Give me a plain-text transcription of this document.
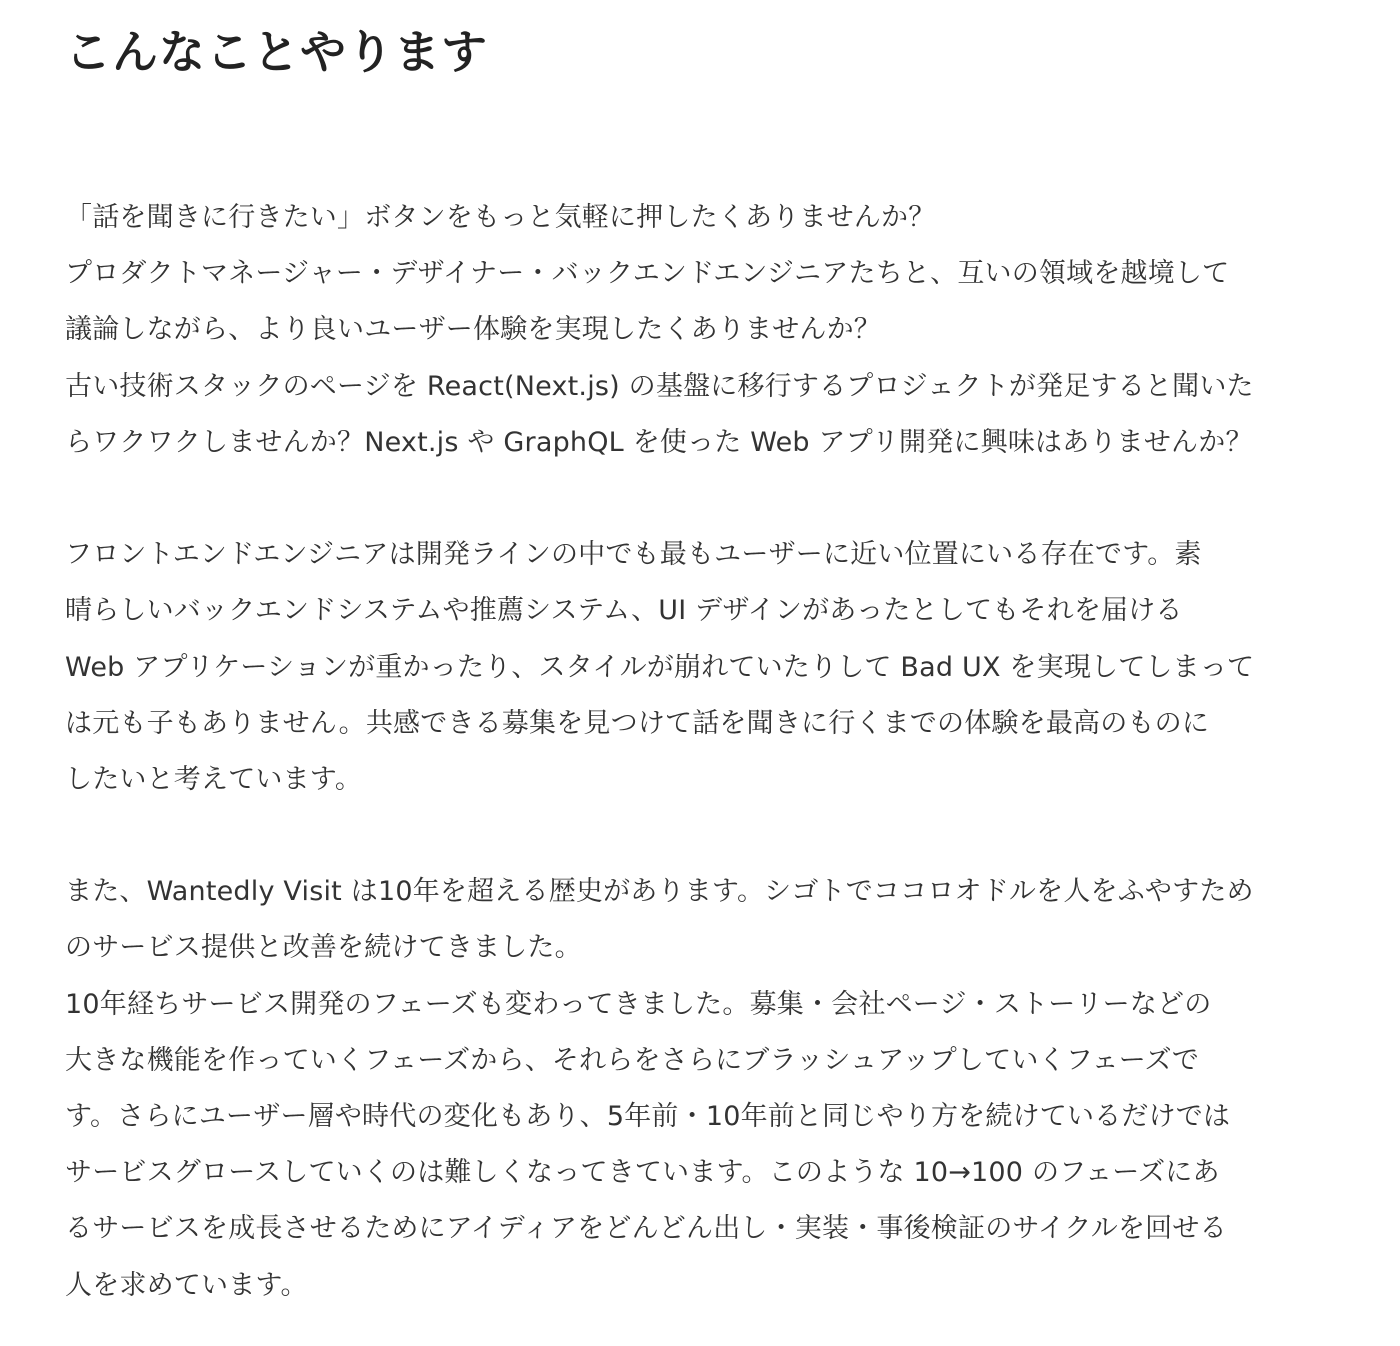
こんなことやります
「話を聞きに行きたい」ボタンをもっと気軽に押したくありませんか？
プロダクトマネージャー・デザイナー・バックエンドエンジニアたちと、互いの領域を越境して
議論しながら、より良いユーザー体験を実現したくありませんか？
古い技術スタックのページを React(Next.js) の基盤に移行するプロジェクトが発足すると聞いた
らワクワクしませんか？Next.js や GraphQL を使った Web アプリ開発に興味はありませんか？
フロントエンドエンジニアは開発ラインの中でも最もユーザーに近い位置にいる存在です。素
晴らしいバックエンドシステムや推薦システム、UI デザインがあったとしてもそれを届ける
Web アプリケーションが重かったり、スタイルが崩れていたりして Bad UX を実現してしまって
は元も子もありません。共感できる募集を見つけて話を聞きに行くまでの体験を最高のものに
したいと考えています。
また、Wantedly Visit は10年を超える歴史があります。シゴトでココロオドルを人をふやすため
のサービス提供と改善を続けてきました。
10年経ちサービス開発のフェーズも変わってきました。募集・会社ページ・ストーリーなどの
大きな機能を作っていくフェーズから、それらをさらにブラッシュアップしていくフェーズで
す。さらにユーザー層や時代の変化もあり、5年前・10年前と同じやり方を続けているだけでは
サービスグロースしていくのは難しくなってきています。このような 10→100 のフェーズにあ
るサービスを成長させるためにアイディアをどんどん出し・実装・事後検証のサイクルを回せる
人を求めています。
